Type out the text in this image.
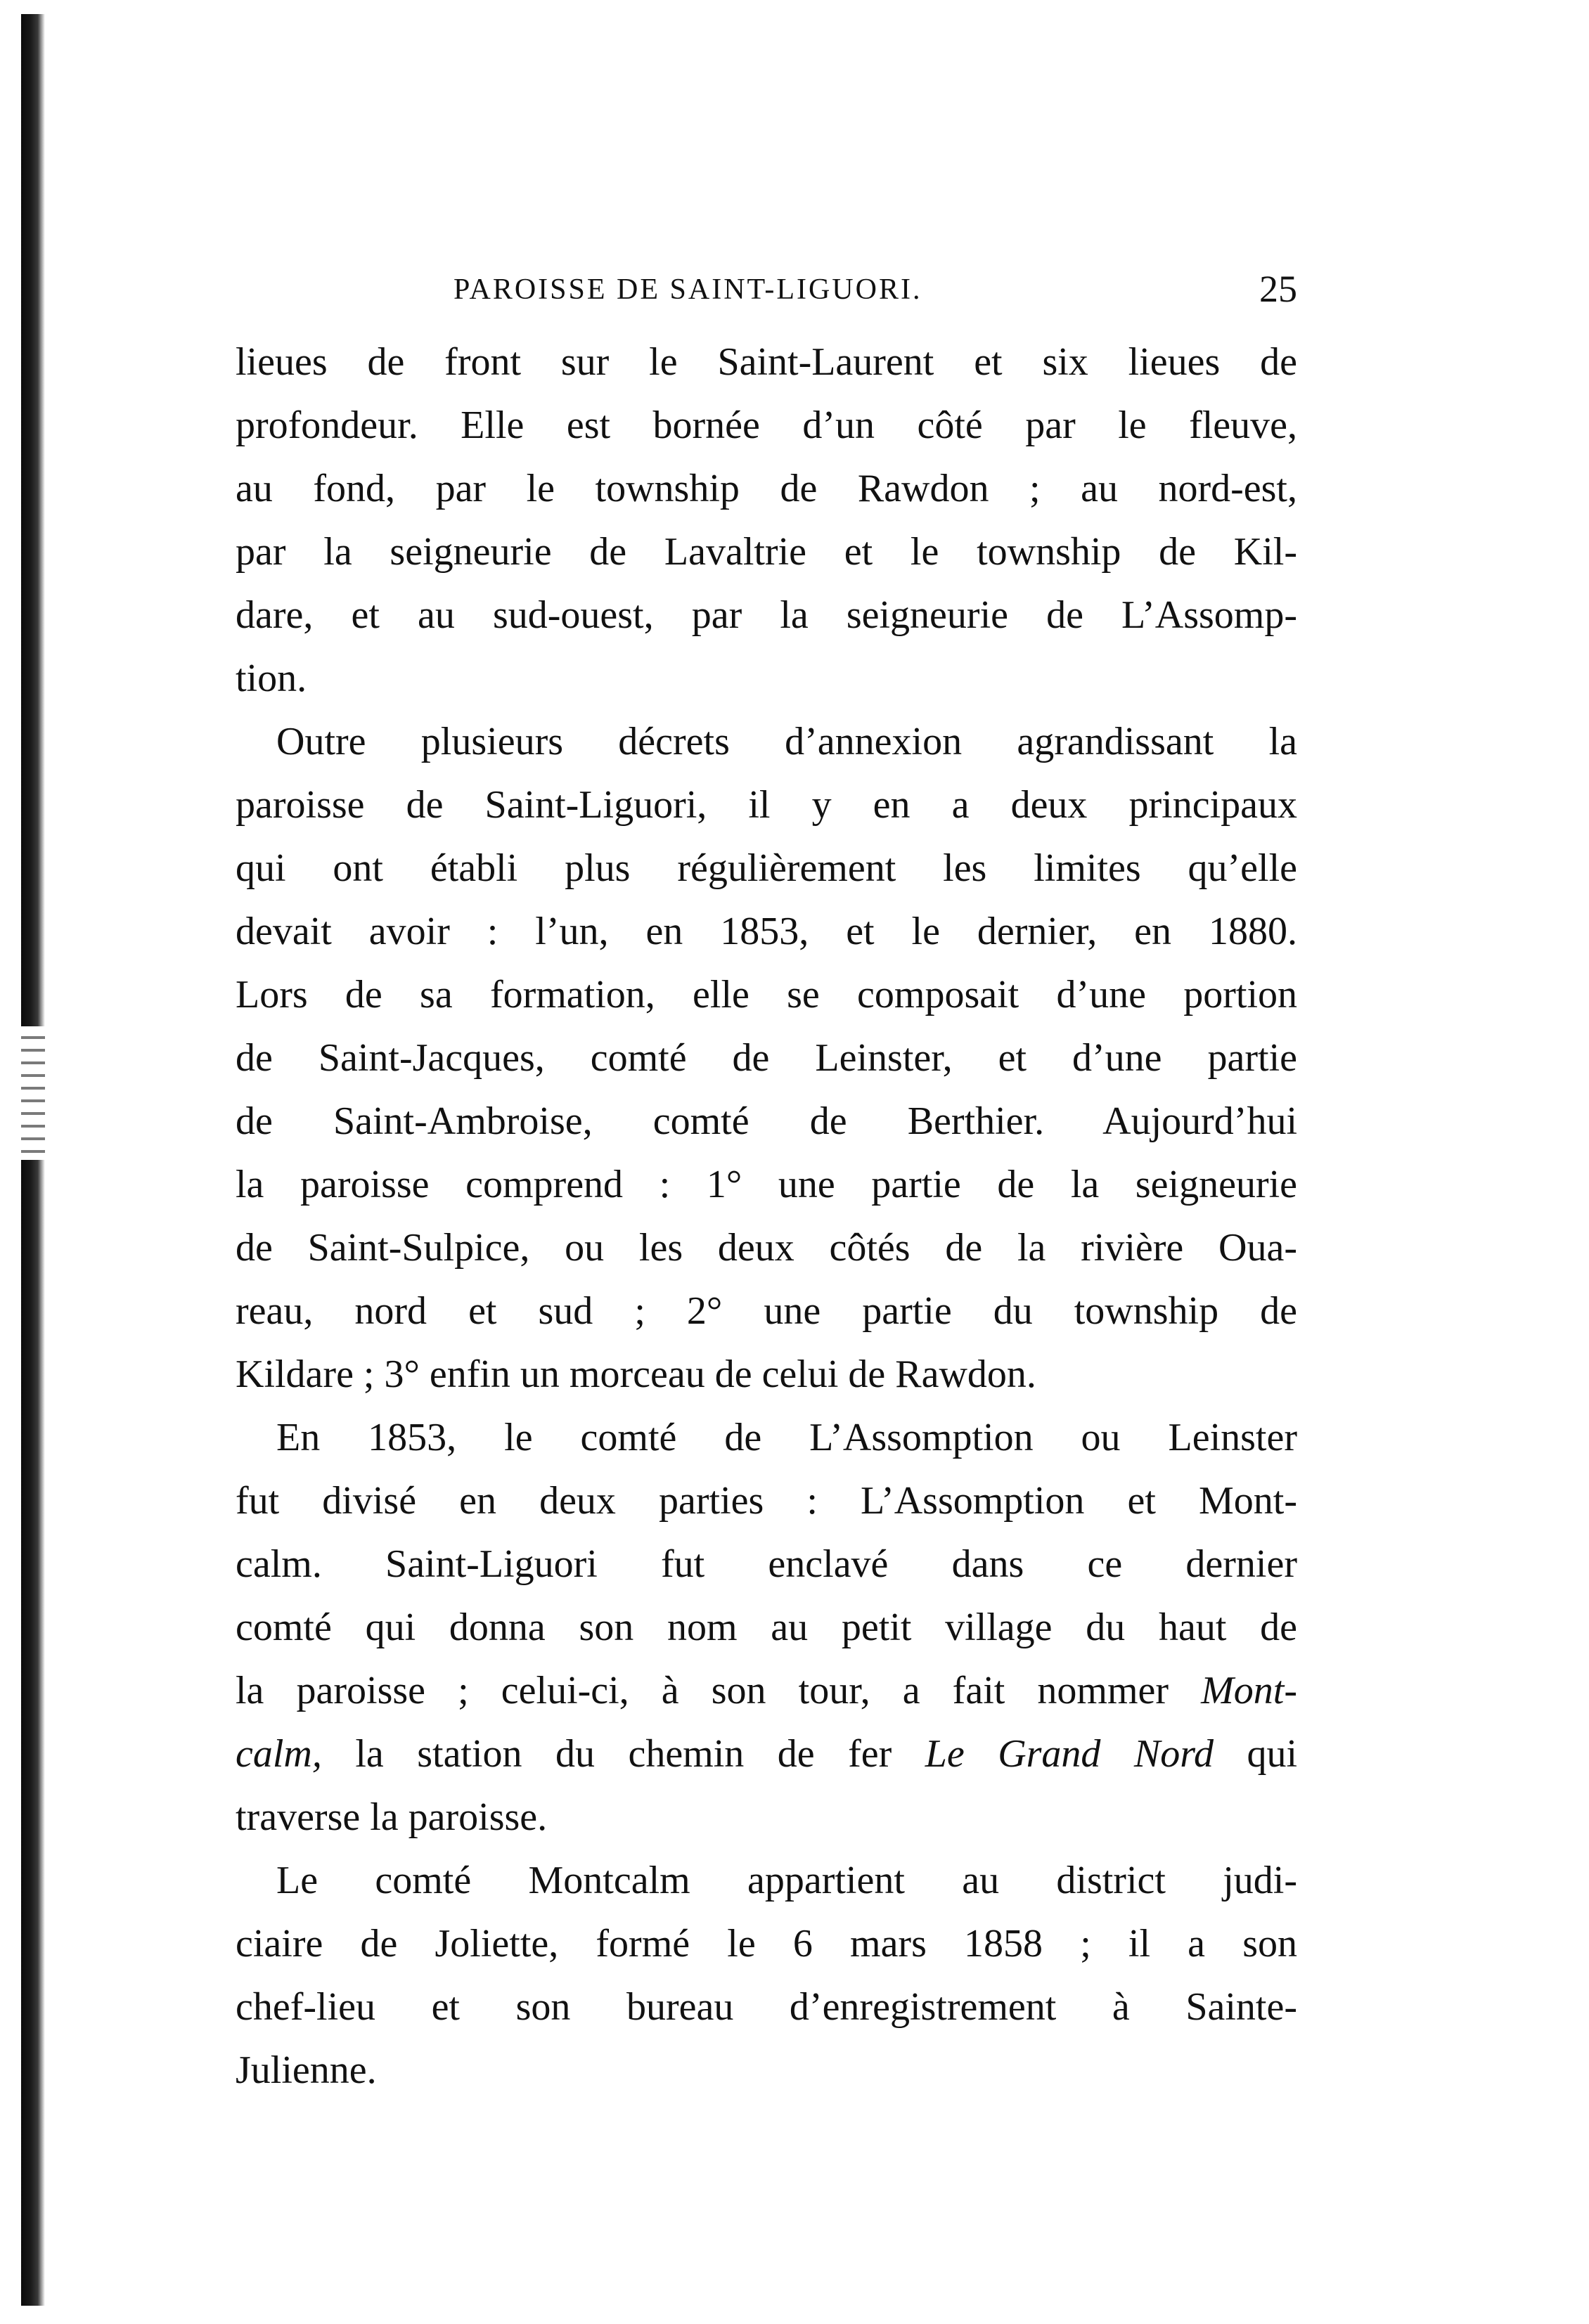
PAROISSE DE SAINT-LIGUORI.	25
lieues de front sur le Saint-Laurent et six lieues de
profondeur. Elle est bornée d’un côté par le fleuve,
au fond, par le township de Rawdon ; au nord-est,
par la seigneurie de Lavaltrie et le township de Kil-
dare, et au sud-ouest, par la seigneurie de L’Assomp-
tion.
Outre plusieurs décrets d’annexion agrandissant la
paroisse de Saint-Liguori, il y en a deux principaux
qui ont établi plus régulièrement les limites qu’elle
devait avoir : l’un, en 1853, et le dernier, en 1880.
Lors de sa formation, elle se composait d’une portion
de Saint-Jacques, comté de Leinster, et d’une partie
de Saint-Ambroise, comté de Berthier. Aujourd’hui
la paroisse comprend : 1° une partie de la seigneurie
de Saint-Sulpice, ou les deux côtés de la rivière Oua-
reau, nord et sud ; 2° une partie du township de
Kildare ; 3° enfin un morceau de celui de Rawdon.
En 1853, le comté de L’Assomption ou Leinster
fut divisé en deux parties : L’Assomption et Mont-
calm. Saint-Liguori fut enclavé dans ce dernier
comté qui donna son nom au petit village du haut de
la paroisse ; celui-ci, à son tour, a fait nommer Mont-
calm, la station du chemin de fer Le Grand Nord qui
traverse la paroisse.
Le comté Montcalm appartient au district judi-
ciaire de Joliette, formé le 6 mars 1858 ; il a son
chef-lieu et son bureau d’enregistrement à Sainte-
Julienne.
